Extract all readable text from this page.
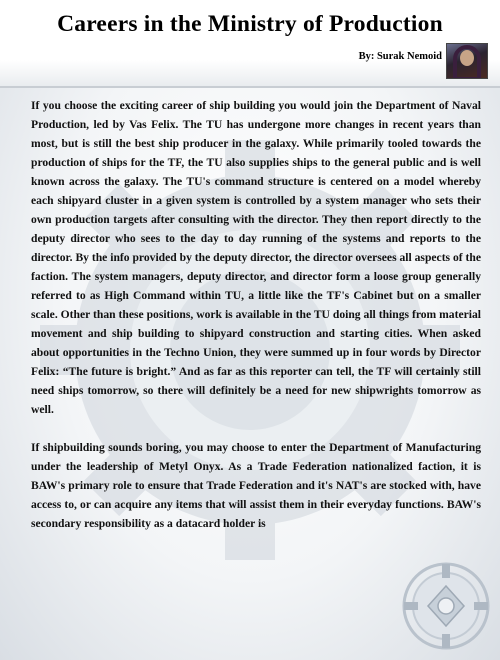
Careers in the Ministry of Production
By: Surak Nemoid

If you choose the exciting career of ship building you would join the Department of Naval Production, led by Vas Felix. The TU has undergone more changes in recent years than most, but is still the best ship producer in the galaxy. While primarily tooled towards the production of ships for the TF, the TU also supplies ships to the general public and is well known across the galaxy. The TU's command structure is centered on a model whereby each shipyard cluster in a given system is controlled by a system manager who sets their own production targets after consulting with the director. They then report directly to the deputy director who sees to the day to day running of the systems and reports to the director. By the info provided by the deputy director, the director oversees all aspects of the faction. The system managers, deputy director, and director form a loose group generally referred to as High Command within TU, a little like the TF's Cabinet but on a smaller scale. Other than these positions, work is available in the TU doing all things from material movement and ship building to shipyard construction and starting cities. When asked about opportunities in the Techno Union, they were summed up in four words by Director Felix: “The future is bright.” And as far as this reporter can tell, the TF will certainly still need ships tomorrow, so there will definitely be a need for new shipwrights tomorrow as well.

If shipbuilding sounds boring, you may choose to enter the Department of Manufacturing under the leadership of Metyl Onyx. As a Trade Federation nationalized faction, it is BAW's primary role to ensure that Trade Federation and it's NAT's are stocked with, have access to, or can acquire any items that will assist them in their everyday functions. BAW's secondary responsibility as a datacard holder is
